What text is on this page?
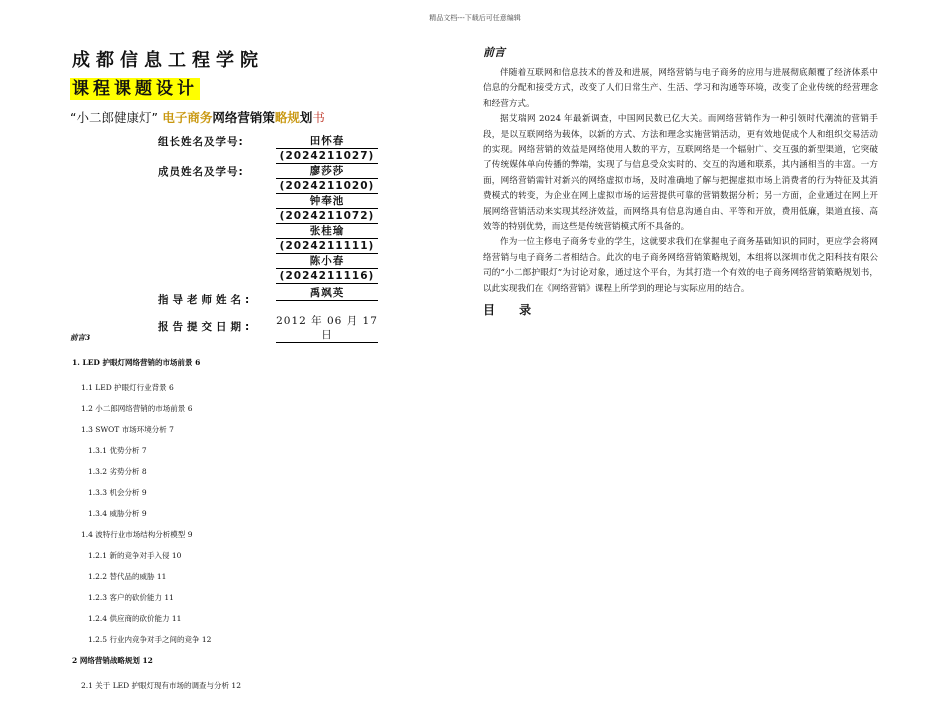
精品文档---下载后可任意编辑
成都信息工程学院
课程课题设计
“小二郎健康灯” 电子商务网络营销策略规划书
组长姓名及学号:	田怀春
(2024211027)
成员姓名及学号:	廖莎莎
(2024211020)
钟奉池
(2024211072)
张桂瑜
(2024211111)
陈小春
(2024211116)
指导老师姓名:
禹飒英
报告提交日期:	2012 年 06 月 17 日
前言3
1. LED 护眼灯网络营销的市场前景 6
1.1 LED 护眼灯行业背景 6
1.2 小二郎网络营销的市场前景 6
1.3 SWOT 市场环境分析 7
1.3.1 优势分析 7
1.3.2 劣势分析 8
1.3.3 机会分析 9
1.3.4 威胁分析 9
1.4 波特行业市场结构分析模型 9
1.2.1 新的竞争对手入侵 10
1.2.2 替代品的威胁 11
1.2.3 客户的砍价能力 11
1.2.4 供应商的砍价能力 11
1.2.5 行业内竞争对手之间的竞争 12
2 网络营销战略规划 12
2.1 关于 LED 护眼灯现有市场的调查与分析 12
前言

伴随着互联网和信息技术的普及和进展，网络营销与电子商务的应用与进展彻底颠覆了经济体系中信息的分配和接受方式，改变了人们日常生产、生活、学习和沟通等环境，改变了企业传统的经营理念和经营方式。

据艾瑞网 2024 年最新调查，中国网民数已亿大关。而网络营销作为一种引领时代潮流的营销手段，是以互联网络为载体，以新的方式、方法和理念实施营销活动，更有效地促成个人和组织交易活动的实现。网络营销的效益是网络使用人数的平方，互联网络是一个辐射广、交互强的新型渠道，它突破了传统媒体单向传播的弊端，实现了与信息受众实时的、交互的沟通和联系，其内涵相当的丰富。一方面，网络营销需针对新兴的网络虚拟市场，及时准确地了解与把握虚拟市场上消费者的行为特征及其消费模式的转变，为企业在网上虚拟市场的运营提供可靠的营销数据分析；另一方面，企业通过在网上开展网络营销活动来实现其经济效益，而网络具有信息沟通自由、平等和开放，费用低廉，渠道直接、高效等的特别优势，而这些是传统营销模式所不具备的。

作为一位主修电子商务专业的学生，这就要求我们在掌握电子商务基础知识的同时，更应学会将网络营销与电子商务二者相结合。此次的电子商务网络营销策略规划，本组将以深圳市优之阳科技有限公司的“小二郎护眼灯”为讨论对象，通过这个平台，为其打造一个有效的电子商务网络营销策略规划书，以此实现我们在《网络营销》课程上所学到的理论与实际应用的结合。

目 录
